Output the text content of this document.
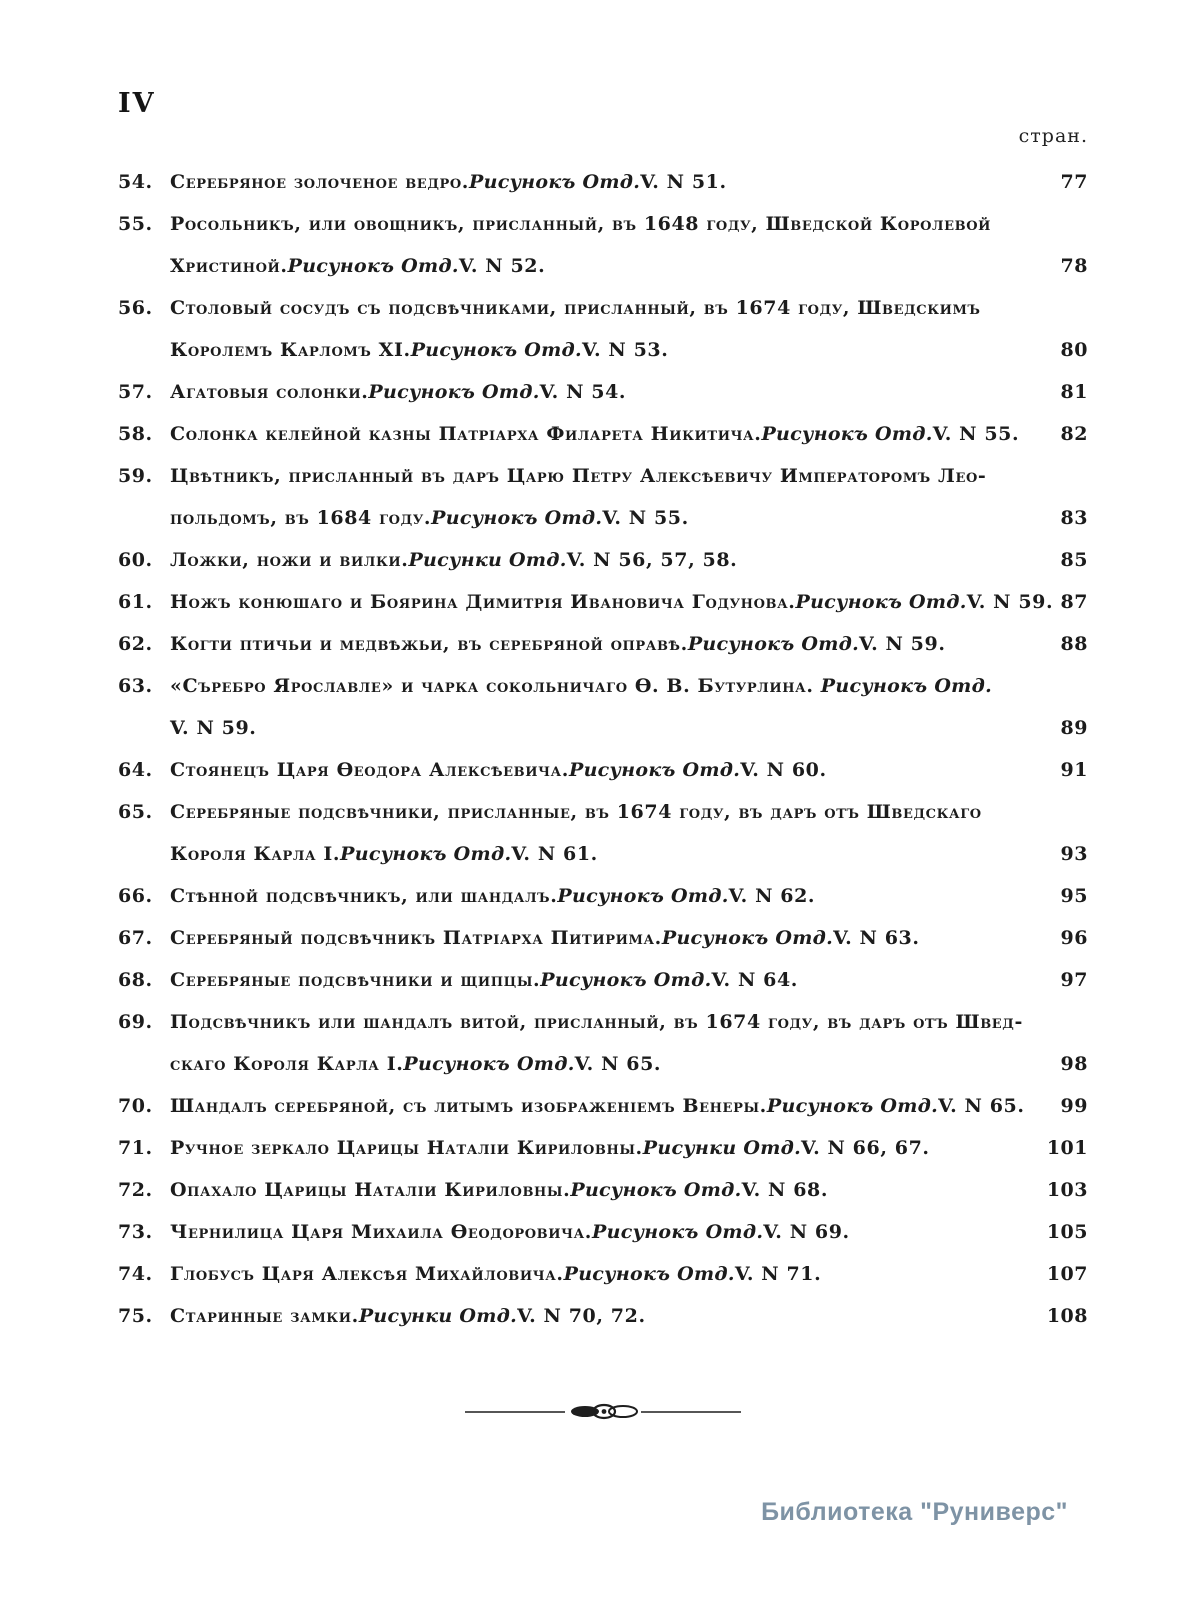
IV
стран.
54. Серебряное золоченое ведро. Рисунокъ Отд. V. N 51.	77
55. Росольникъ, или овощникъ, присланный, въ 1648 году, Шведской Королевой
Христиной. Рисунокъ Отд. V. N 52.	78
56. Столовый сосудъ съ подсвѣчниками, присланный, въ 1674 году, Шведскимъ
Королемъ Карломъ XI. Рисунокъ Отд. V. N 53.	80
57. Агатовыя солонки. Рисунокъ Отд. V. N 54.	81
58. Солонка келейной казны Патріарха Филарета Никитича. Рисунокъ Отд. V. N 55.	82
59. Цвѣтникъ, присланный въ даръ Царю Петру Алексѣевичу Императоромъ Лео-
польдомъ, въ 1684 году. Рисунокъ Отд. V. N 55.	83
60. Ложки, ножи и вилки. Рисунки Отд. V. N 56, 57, 58.	85
61. Ножъ конюшаго и Боярина Димитрія Ивановича Годунова. Рисунокъ Отд. V. N 59. 87
62. Когти птичьи и медвѣжьи, въ серебряной оправѣ. Рисунокъ Отд. V. N 59.	88
63. «Съребро Ярославле» и чарка сокольничаго Ѳ. В. Бутурлина. Рисунокъ Отд.
V. N 59.	89
64. Стоянецъ Царя Ѳеодора Алексѣевича. Рисунокъ Отд. V. N 60.	91
65. Серебряные подсвѣчники, присланные, въ 1674 году, въ даръ отъ Шведскаго
Короля Карла I. Рисунокъ Отд. V. N 61.	93
66. Стѣнной подсвѣчникъ, или шандалъ. Рисунокъ Отд. V. N 62.	95
67. Серебряный подсвѣчникъ Патріарха Питирима. Рисунокъ Отд. V. N 63.	96
68. Серебряные подсвѣчники и щипцы. Рисунокъ Отд. V. N 64.	97
69. Подсвѣчникъ или шандалъ витой, присланный, въ 1674 году, въ даръ отъ Швед-
скаго Короля Карла I. Рисунокъ Отд. V. N 65.	98
70. Шандалъ серебряной, съ литымъ изображеніемъ Венеры. Рисунокъ Отд. V. N 65.	99
71. Ручное зеркало Царицы Наталіи Кириловны. Рисунки Отд. V. N 66, 67.	101
72. Опахало Царицы Наталіи Кириловны. Рисунокъ Отд. V. N 68.	103
73. Чернилица Царя Михаила Ѳеодоровича. Рисунокъ Отд. V. N 69.	105
74. Глобусъ Царя Алексѣя Михайловича. Рисунокъ Отд. V. N 71.	107
75. Старинные замки. Рисунки Отд. V. N 70, 72.	108
Библиотека "Руниверс"
